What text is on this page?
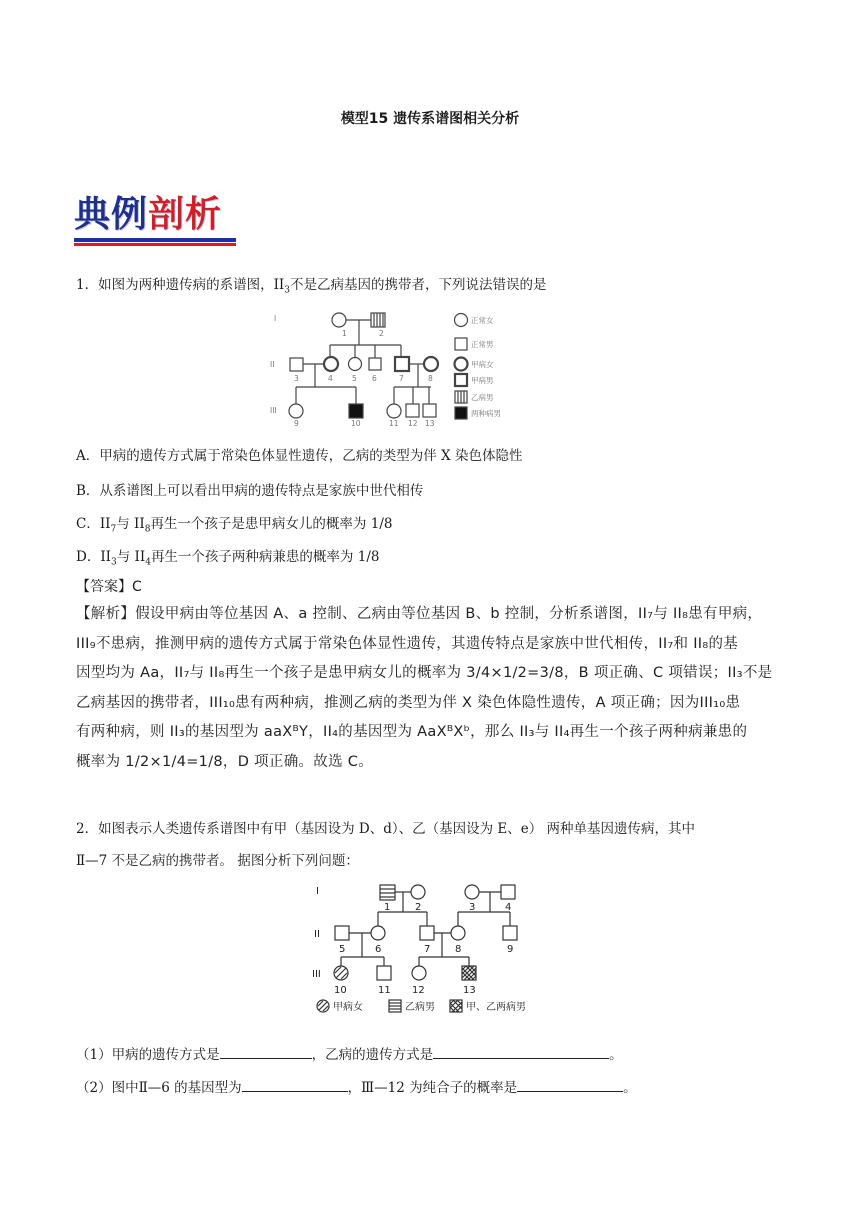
模型15 遗传系谱图相关分析
典例剖析
1．如图为两种遗传病的系谱图，$II_3$不是乙病基因的携带者，下列说法错误的是
I
II
III
1	2
3	4	5 6	7	8
9	10	11 12 13
正常女
正常男
甲病女
甲病男
乙病男
两种病男
A．甲病的遗传方式属于常染色体显性遗传，乙病的类型为伴 X 染色体隐性
B．从系谱图上可以看出甲病的遗传特点是家族中世代相传
C．$II_7$与 $II_8$再生一个孩子是患甲病女儿的概率为 1/8
D．$II_3$与 $II_4$再生一个孩子两种病兼患的概率为 1/8
【答案】C
【解析】假设甲病由等位基因 A、a 控制、乙病由等位基因 B、b 控制，分析系谱图，II₇与 II₈患有甲病，
III₉不患病，推测甲病的遗传方式属于常染色体显性遗传，其遗传特点是家族中世代相传，II₇和 II₈的基
因型均为 Aa，II₇与 II₈再生一个孩子是患甲病女儿的概率为 3/4×1/2=3/8，B 项正确、C 项错误；II₃不是
乙病基因的携带者，III₁₀患有两种病，推测乙病的类型为伴 X 染色体隐性遗传，A 项正确；因为III₁₀患
有两种病，则 II₃的基因型为 aaXᴮY，II₄的基因型为 AaXᴮXᵇ，那么 II₃与 II₄再生一个孩子两种病兼患的
概率为 1/2×1/4=1/8，D 项正确。故选 C。
2．如图表示人类遗传系谱图中有甲（基因设为 D、d）、乙（基因设为 E、e） 两种单基因遗传病，其中
Ⅱ—7 不是乙病的携带者。 据图分析下列问题：
I
II
III
1 2	3	4
5	6	7 8	9
10	11 12	13
甲病女	乙病男	甲、乙两病男
（1）甲病的遗传方式是	，乙病的遗传方式是	。
（2）图中Ⅱ—6 的基因型为	，Ⅲ—12 为纯合子的概率是	。
